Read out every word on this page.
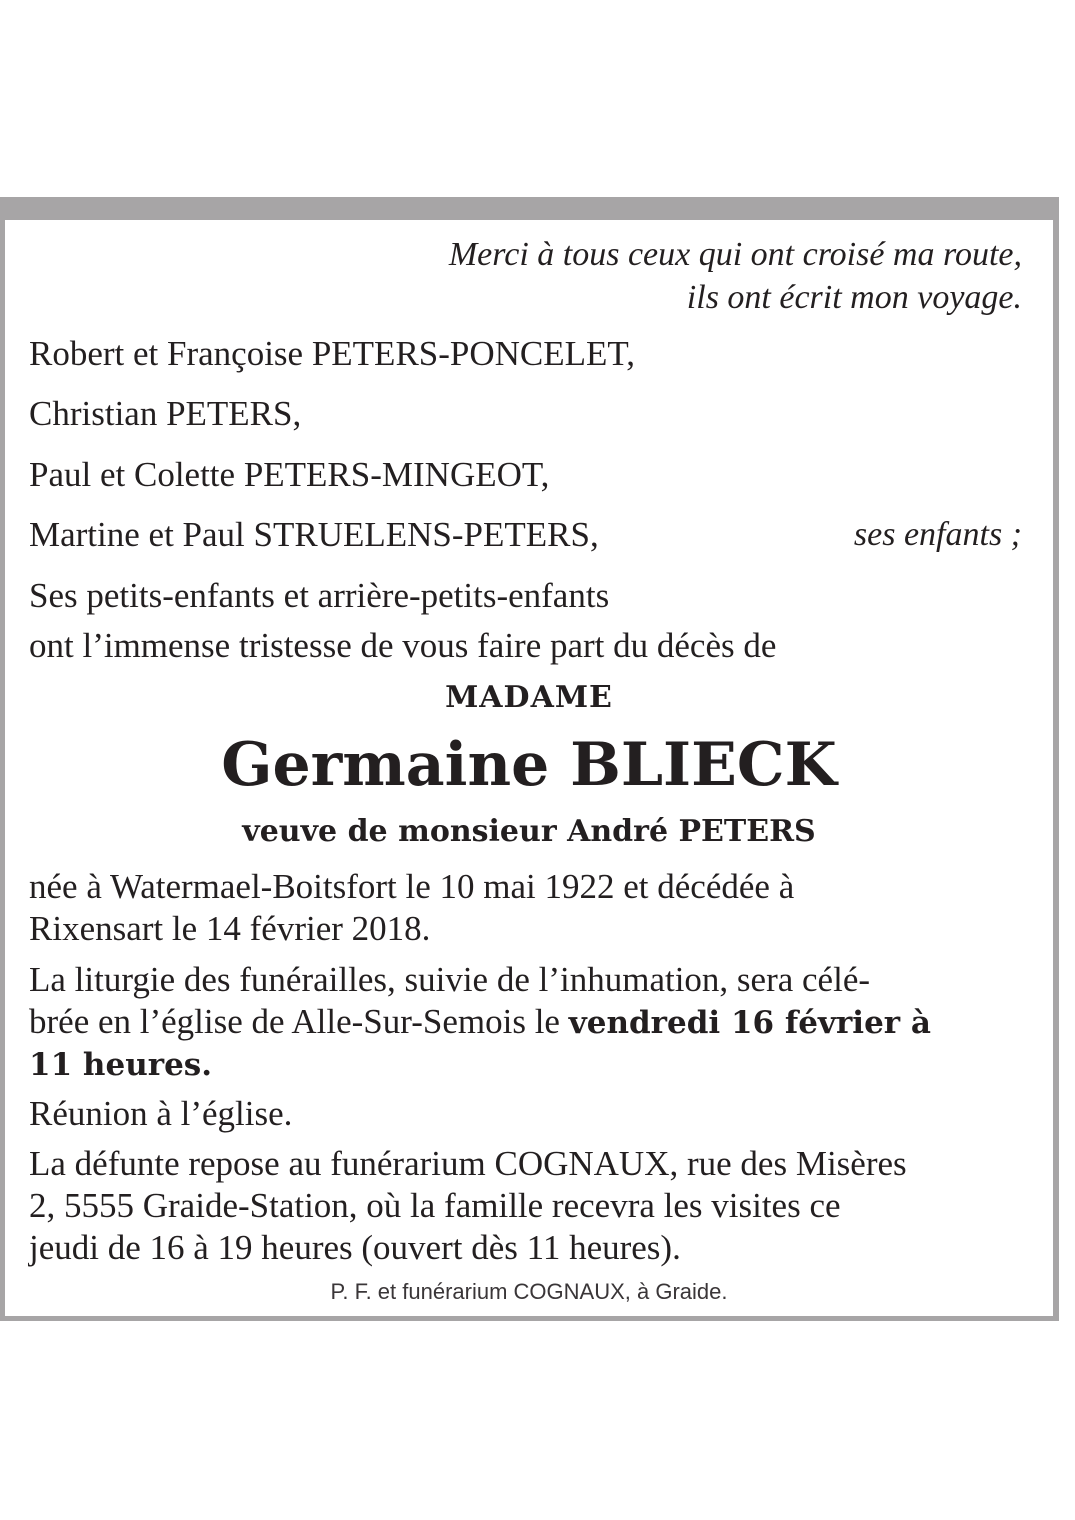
Merci à tous ceux qui ont croisé ma route,

ils ont écrit mon voyage.

Robert et Françoise PETERS-PONCELET,

Christian PETERS,

Paul et Colette PETERS-MINGEOT,

Martine et Paul STRUELENS-PETERS,	ses enfants ;

Ses petits-enfants et arrière-petits-enfants

ont l’immense tristesse de vous faire part du décès de

MADAME

Germaine BLIECK

veuve de monsieur André PETERS

née à Watermael-Boitsfort le 10 mai 1922 et décédée à

Rixensart le 14 février 2018.

La liturgie des funérailles, suivie de l’inhumation, sera célé-

brée en l’église de Alle-Sur-Semois le vendredi 16 février à

11 heures.

Réunion à l’église.

La défunte repose au funérarium COGNAUX, rue des Misères

2, 5555 Graide-Station, où la famille recevra les visites ce

jeudi de 16 à 19 heures (ouvert dès 11 heures).

P. F. et funérarium COGNAUX, à Graide.
